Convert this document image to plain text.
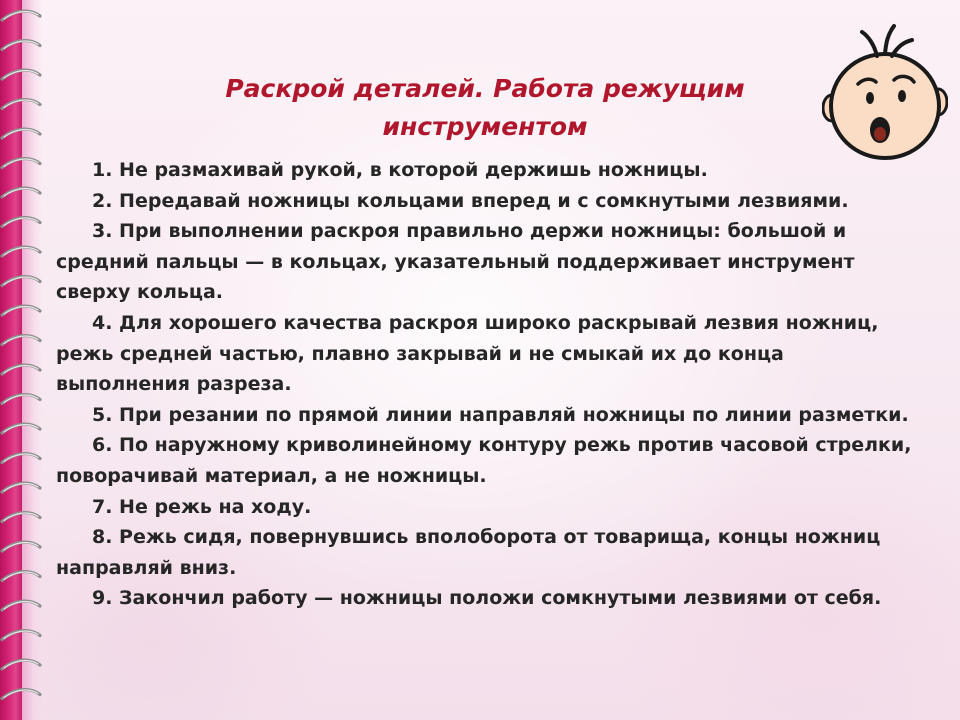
Раскрой деталей. Работа режущим инструментом
1. Не размахивай рукой, в которой держишь ножницы.
2. Передавай ножницы кольцами вперед и с сомкнутыми лезвиями.
3. При выполнении раскроя правильно держи ножницы: большой и средний пальцы — в кольцах, указательный поддерживает инструмент сверху кольца.
4. Для хорошего качества раскроя широко раскрывай лезвия ножниц, режь средней частью, плавно закрывай и не смыкай их до конца выполнения разреза.
5. При резании по прямой линии направляй ножницы по линии разметки.
6. По наружному криволинейному контуру режь против часовой стрелки, поворачивай материал, а не ножницы.
7. Не режь на ходу.
8. Режь сидя, повернувшись вполоборота от товарища, концы ножниц направляй вниз.
9. Закончил работу — ножницы положи сомкнутыми лезвиями от себя.
